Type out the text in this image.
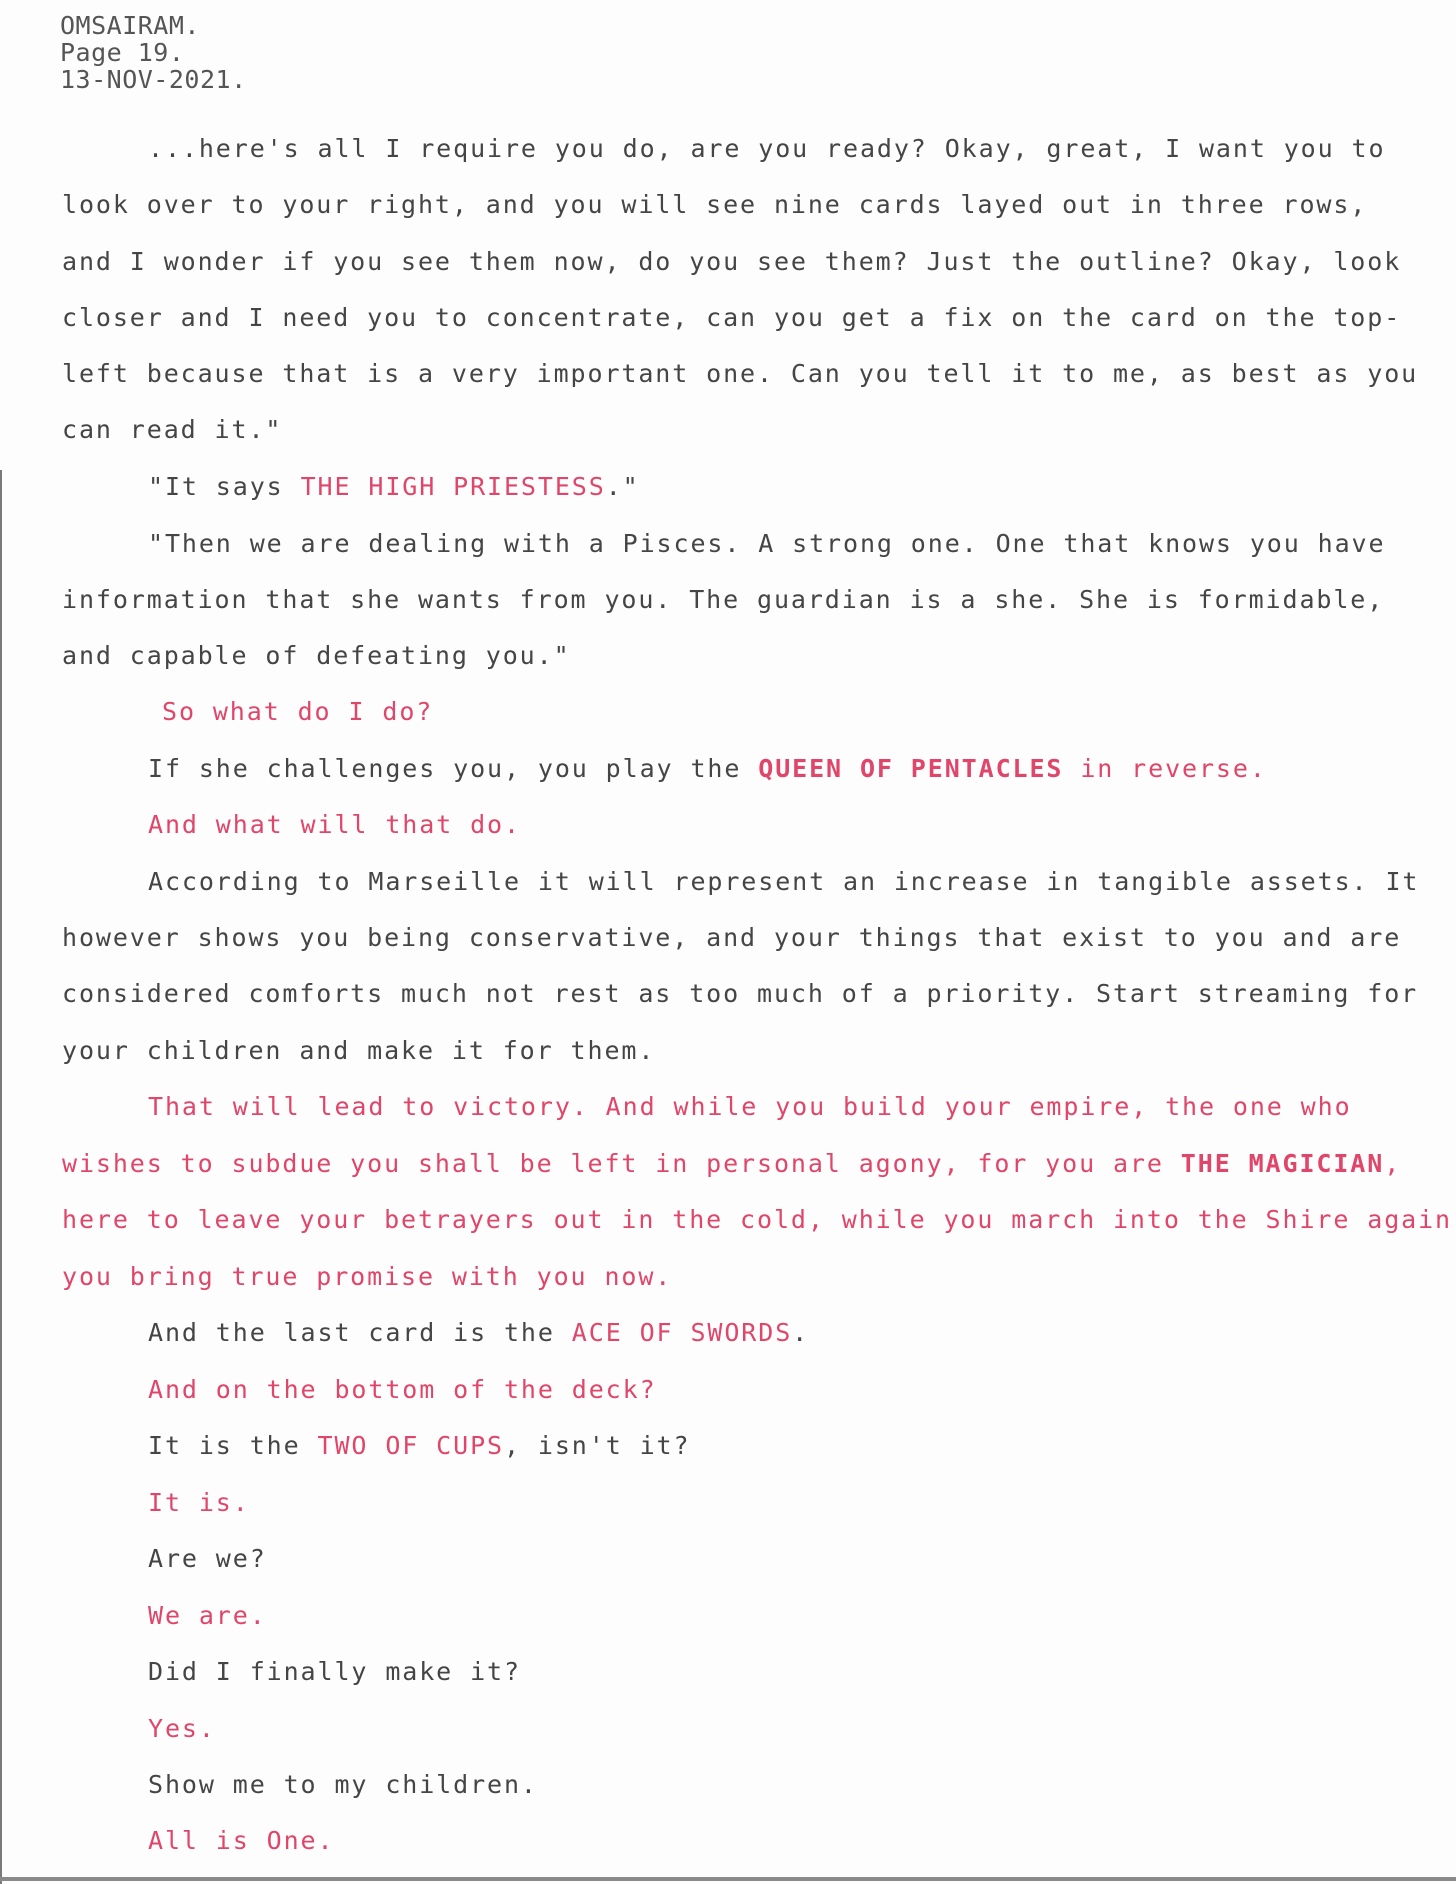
OMSAIRAM.
Page 19.
13-NOV-2021.
...here's all I require you do, are you ready? Okay, great, I want you to
look over to your right, and you will see nine cards layed out in three rows,
and I wonder if you see them now, do you see them? Just the outline? Okay, look
closer and I need you to concentrate, can you get a fix on the card on the top-
left because that is a very important one. Can you tell it to me, as best as you
can read it."
"It says THE HIGH PRIESTESS."
"Then we are dealing with a Pisces. A strong one. One that knows you have
information that she wants from you. The guardian is a she. She is formidable,
and capable of defeating you."
So what do I do?
If she challenges you, you play the QUEEN OF PENTACLES in reverse.
And what will that do.
According to Marseille it will represent an increase in tangible assets. It
however shows you being conservative, and your things that exist to you and are
considered comforts much not rest as too much of a priority. Start streaming for
your children and make it for them.
That will lead to victory. And while you build your empire, the one who
wishes to subdue you shall be left in personal agony, for you are THE MAGICIAN,
here to leave your betrayers out in the cold, while you march into the Shire again
you bring true promise with you now.
And the last card is the ACE OF SWORDS.
And on the bottom of the deck?
It is the TWO OF CUPS, isn't it?
It is.
Are we?
We are.
Did I finally make it?
Yes.
Show me to my children.
All is One.
